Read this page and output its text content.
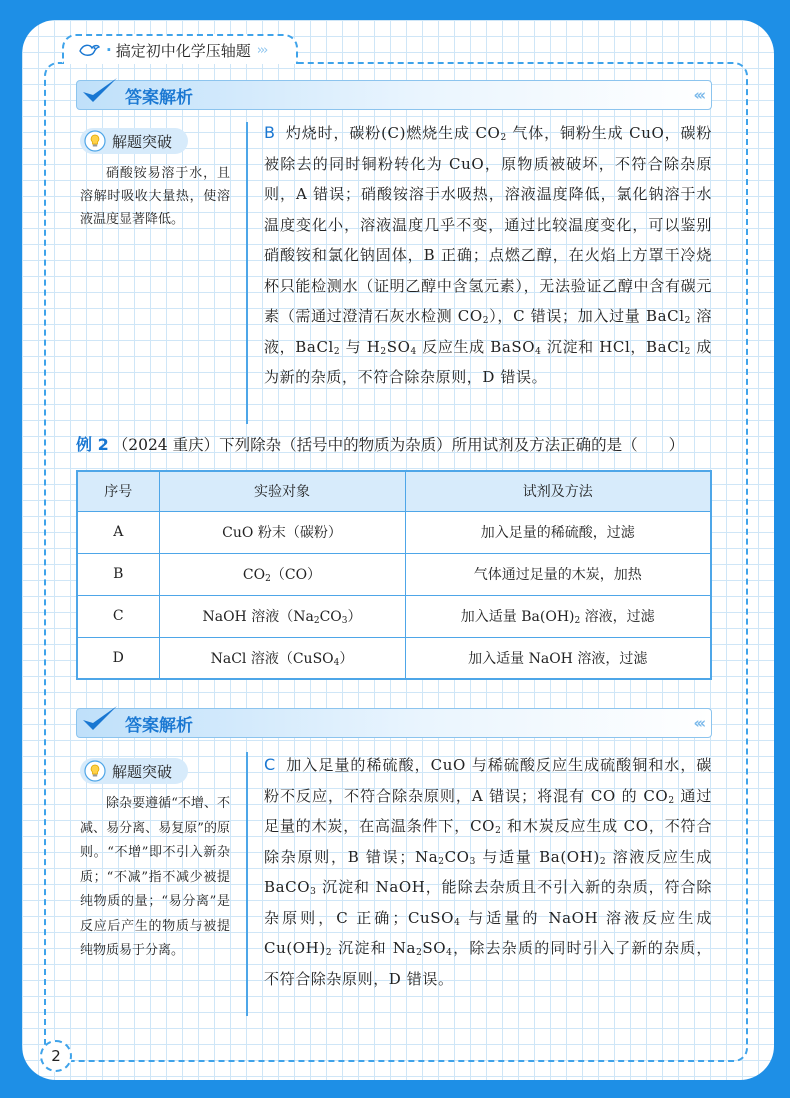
· 搞定初中化学压轴题 ›››
答案解析	‹‹‹
解题突破
硝酸铵易溶于水，且溶解时吸收大量热，使溶液温度显著降低。
B 灼烧时，碳粉(C)燃烧生成 $CO_2$ 气体，铜粉生成 CuO，碳粉被除去的同时铜粉转化为 CuO，原物质被破坏，不符合除杂原则，A 错误；硝酸铵溶于水吸热，溶液温度降低，氯化钠溶于水温度变化小，溶液温度几乎不变，通过比较温度变化，可以鉴别硝酸铵和氯化钠固体，B 正确；点燃乙醇，在火焰上方罩干冷烧杯只能检测水（证明乙醇中含氢元素），无法验证乙醇中含有碳元素（需通过澄清石灰水检测 $CO_2$），C 错误；加入过量 BaCl$_2$ 溶液，BaCl$_2$ 与 $H_2SO_4$ 反应生成 BaSO$_4$ 沉淀和 HCl，BaCl$_2$ 成为新的杂质，不符合除杂原则，D 错误。
例 2 （2024 重庆）下列除杂（括号中的物质为杂质）所用试剂及方法正确的是（　　）
序号	实验对象	试剂及方法
A	CuO 粉末（碳粉）	加入足量的稀硫酸，过滤
B	$CO_2(CO)$	气体通过足量的木炭，加热
C	NaOH 溶液$(Na_2CO_3)$	加入适量 $Ba(OH)_2$ 溶液，过滤
D	NaCl 溶液（CuSO$_4$）	加入适量 NaOH 溶液，过滤
答案解析	‹‹‹
解题突破
除杂要遵循“不增、不减、易分离、易复原”的原则。“不增”即不引入新杂质；“不减”指不减少被提纯物质的量；“易分离”是反应后产生的物质与被提纯物质易于分离。
C 加入足量的稀硫酸，CuO 与稀硫酸反应生成硫酸铜和水，碳粉不反应，不符合除杂原则，A 错误；将混有 CO 的 $CO_2$ 通过足量的木炭，在高温条件下，$CO_2$ 和木炭反应生成 CO，不符合除杂原则，B 错误；$Na_2CO_3$ 与适量 $Ba(OH)_2$ 溶液反应生成 BaCO$_3$ 沉淀和 NaOH，能除去杂质且不引入新的杂质，符合除杂原则，C 正确；CuSO$_4$ 与适量的 NaOH 溶液反应生成 $Cu(OH)_2$ 沉淀和 $Na_2SO_4$，除去杂质的同时引入了新的杂质，不符合除杂原则，D 错误。
2
